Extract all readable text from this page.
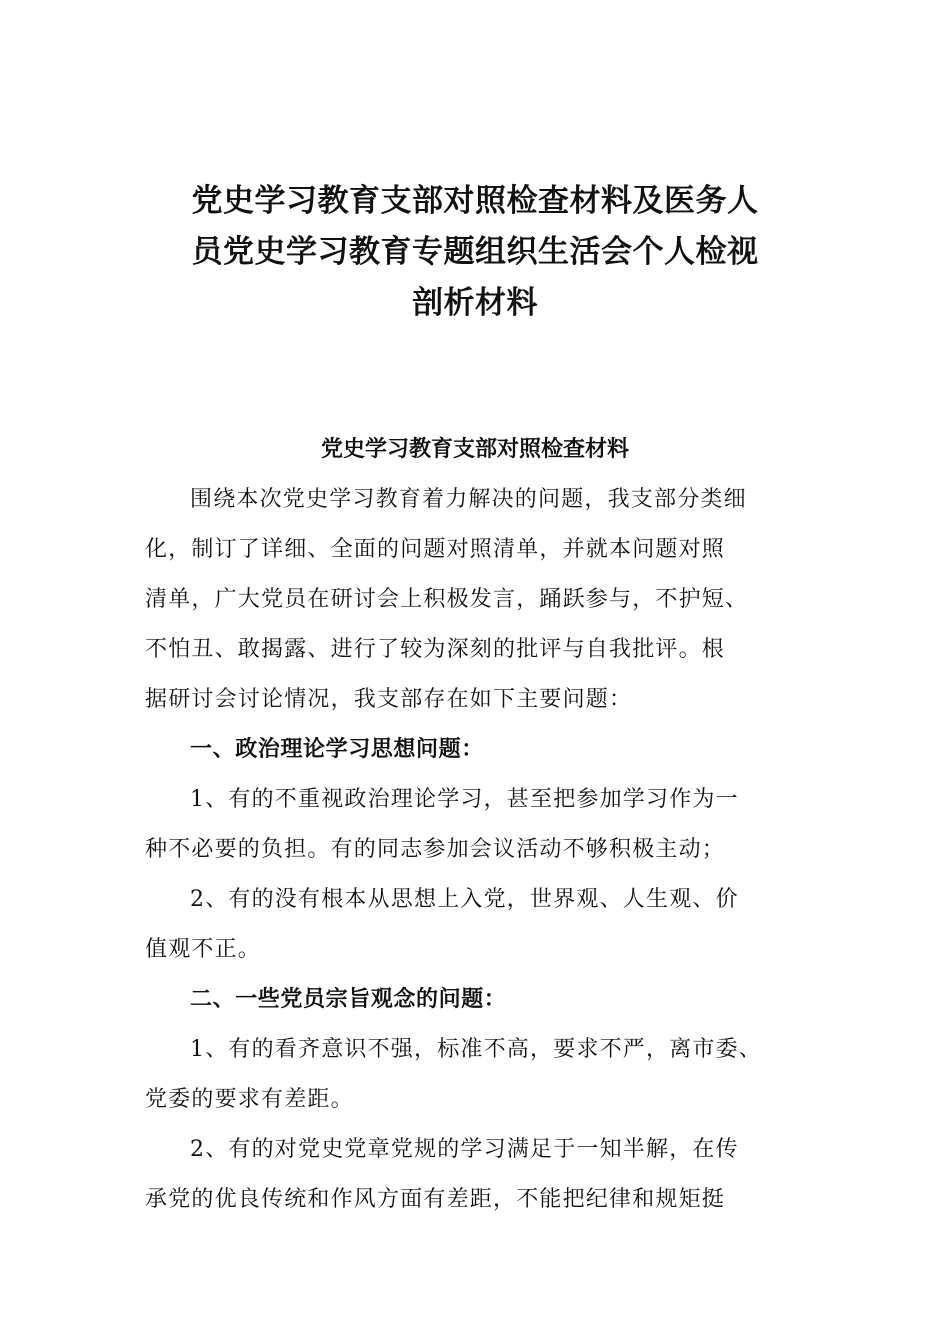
党史学习教育支部对照检查材料及医务人
员党史学习教育专题组织生活会个人检视
剖析材料
党史学习教育支部对照检查材料
围绕本次党史学习教育着力解决的问题，我支部分类细
化，制订了详细、全面的问题对照清单，并就本问题对照
清单，广大党员在研讨会上积极发言，踊跃参与，不护短、
不怕丑、敢揭露、进行了较为深刻的批评与自我批评。根
据研讨会讨论情况，我支部存在如下主要问题：
一、政治理论学习思想问题：
1、有的不重视政治理论学习，甚至把参加学习作为一
种不必要的负担。有的同志参加会议活动不够积极主动；
2、有的没有根本从思想上入党，世界观、人生观、价
值观不正。
二、一些党员宗旨观念的问题：
1、有的看齐意识不强，标准不高，要求不严，离市委、
党委的要求有差距。
2、有的对党史党章党规的学习满足于一知半解，在传
承党的优良传统和作风方面有差距，不能把纪律和规矩挺
